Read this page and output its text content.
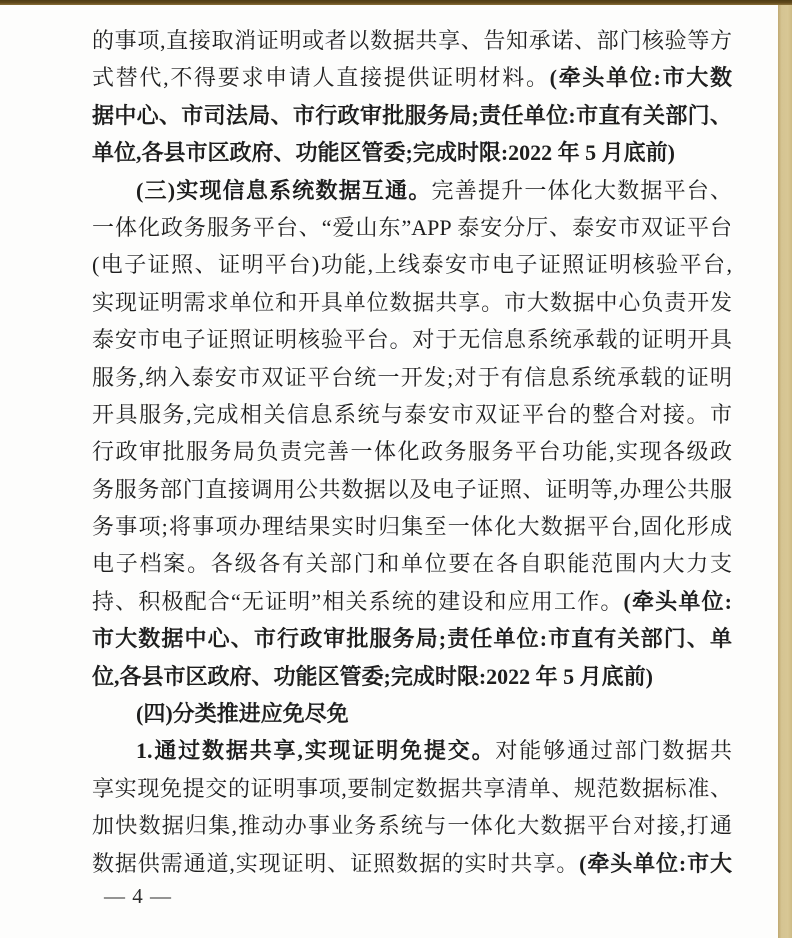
的事项,直接取消证明或者以数据共享、告知承诺、部门核验等方
式替代,不得要求申请人直接提供证明材料。(牵头单位:市大数
据中心、市司法局、市行政审批服务局;责任单位:市直有关部门、
单位,各县市区政府、功能区管委;完成时限:2022 年 5 月底前)
(三)实现信息系统数据互通。完善提升一体化大数据平台、
一体化政务服务平台、“爱山东”APP 泰安分厅、泰安市双证平台
(电子证照、证明平台)功能,上线泰安市电子证照证明核验平台,
实现证明需求单位和开具单位数据共享。市大数据中心负责开发
泰安市电子证照证明核验平台。对于无信息系统承载的证明开具
服务,纳入泰安市双证平台统一开发;对于有信息系统承载的证明
开具服务,完成相关信息系统与泰安市双证平台的整合对接。市
行政审批服务局负责完善一体化政务服务平台功能,实现各级政
务服务部门直接调用公共数据以及电子证照、证明等,办理公共服
务事项;将事项办理结果实时归集至一体化大数据平台,固化形成
电子档案。各级各有关部门和单位要在各自职能范围内大力支
持、积极配合“无证明”相关系统的建设和应用工作。(牵头单位:
市大数据中心、市行政审批服务局;责任单位:市直有关部门、单
位,各县市区政府、功能区管委;完成时限:2022 年 5 月底前)
(四)分类推进应免尽免
1.通过数据共享,实现证明免提交。对能够通过部门数据共
享实现免提交的证明事项,要制定数据共享清单、规范数据标准、
加快数据归集,推动办事业务系统与一体化大数据平台对接,打通
数据供需通道,实现证明、证照数据的实时共享。(牵头单位:市大
— 4 —
